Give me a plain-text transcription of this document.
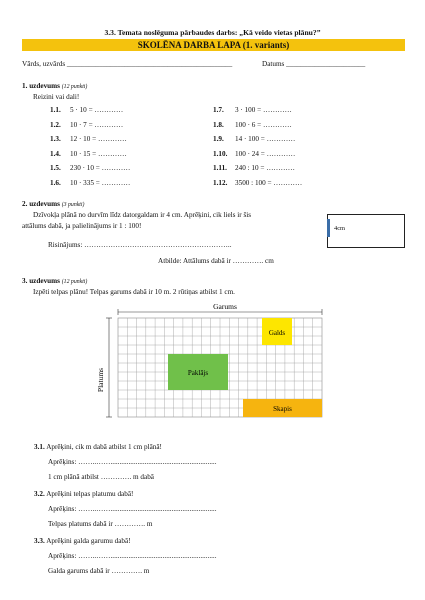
3.3. Temata noslēguma pārbaudes darbs: „Kā veido vietas plānu?”
SKOLĒNA DARBA LAPA (1. variants)
Vārds, uzvārds ______________________________________________	Datums ______________________
1. uzdevums (12 punkti)
Reizini vai dali!
1.1. 5 · 10 = …………
1.2. 10 · 7 = …………
1.3. 12 · 10 = …………
1.4. 10 · 15 = …………
1.5. 230 · 10 = …………
1.6. 10 · 335 = …………
1.7. 3 · 100 = …………
1.8. 100 · 6 = …………
1.9. 14 · 100 = …………
1.10. 100 · 24 = …………
1.11. 240 : 10 = …………
1.12. 3500 : 100 = …………
2. uzdevums (3 punkti)
Dzīvokļa plānā no durvīm līdz datorgaldam ir 4 cm. Aprēķini, cik liels ir šis
attālums dabā, ja palielinājums ir 1 : 100!
Risinājums: ……………………………………………………..
Atbilde: Attālums dabā ir …………. cm
4cm
3. uzdevums (12 punkti)
Izpēti telpas plānu! Telpas garums dabā ir 10 m. 2 rūtiņas atbilst 1 cm.
Garums
Platums
Galds
Paklājs
Skapis
3.1. Aprēķini, cik m dabā atbilst 1 cm plānā!
Aprēķins: ……..……...........................................................
1 cm plānā atbilst …………. m dabā
3.2. Aprēķini telpas platumu dabā!
Aprēķins: ……..……...........................................................
Telpas platums dabā ir …………. m
3.3. Aprēķini galda garumu dabā!
Aprēķins: ……..……...........................................................
Galda garums dabā ir …………. m
